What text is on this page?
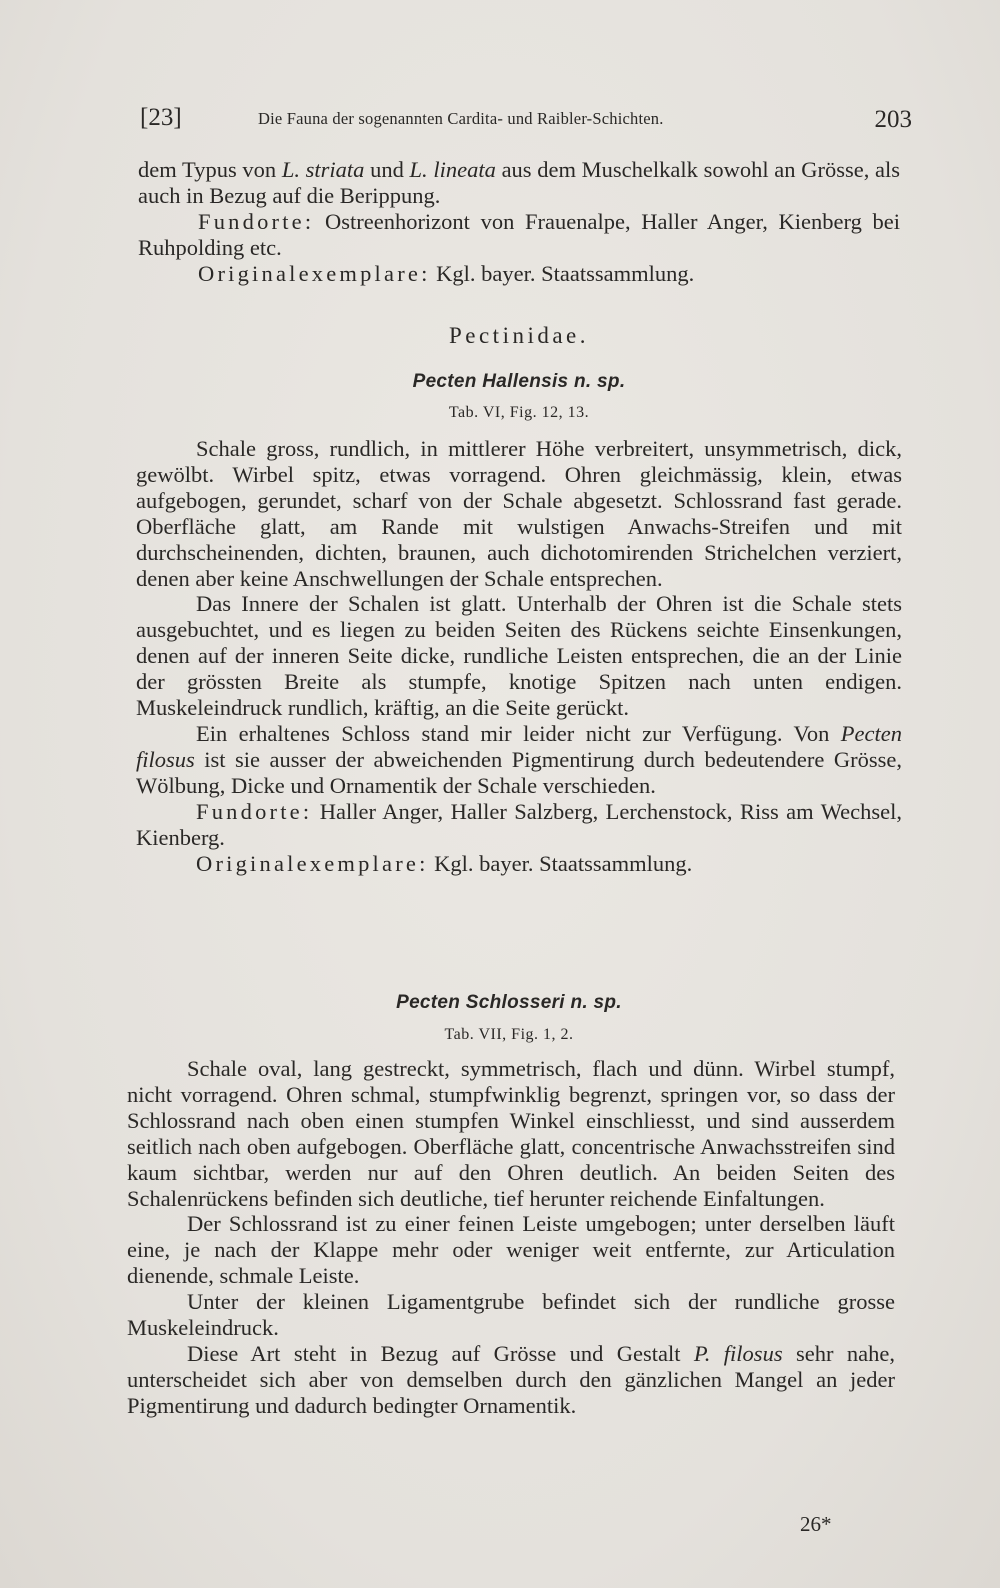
[23]	Die Fauna der sogenannten Cardita- und Raibler-Schichten.	203

dem Typus von L. striata und L. lineata aus dem Muschelkalk sowohl an Grösse, als auch in Bezug auf die Berippung.

Fundorte: Ostreenhorizont von Frauenalpe, Haller Anger, Kienberg bei Ruhpolding etc.

Originalexemplare: Kgl. bayer. Staatssammlung.

Pectinidae.
Pecten Hallensis n. sp.
Tab. VI, Fig. 12, 13.

Schale gross, rundlich, in mittlerer Höhe verbreitert, unsymmetrisch, dick, gewölbt. Wirbel spitz, etwas vorragend. Ohren gleichmässig, klein, etwas aufgebogen, gerundet, scharf von der Schale abgesetzt. Schlossrand fast gerade. Oberfläche glatt, am Rande mit wulstigen Anwachs-Streifen und mit durchscheinenden, dichten, braunen, auch dichotomirenden Strichelchen verziert, denen aber keine Anschwellungen der Schale entsprechen.

Das Innere der Schalen ist glatt. Unterhalb der Ohren ist die Schale stets ausgebuchtet, und es liegen zu beiden Seiten des Rückens seichte Einsenkungen, denen auf der inneren Seite dicke, rundliche Leisten entsprechen, die an der Linie der grössten Breite als stumpfe, knotige Spitzen nach unten endigen. Muskeleindruck rundlich, kräftig, an die Seite gerückt.

Ein erhaltenes Schloss stand mir leider nicht zur Verfügung. Von Pecten filosus ist sie ausser der abweichenden Pigmentirung durch bedeutendere Grösse, Wölbung, Dicke und Ornamentik der Schale verschieden.

Fundorte: Haller Anger, Haller Salzberg, Lerchenstock, Riss am Wechsel, Kienberg.

Originalexemplare: Kgl. bayer. Staatssammlung.

Pecten Schlosseri n. sp.
Tab. VII, Fig. 1, 2.

Schale oval, lang gestreckt, symmetrisch, flach und dünn. Wirbel stumpf, nicht vorragend. Ohren schmal, stumpfwinklig begrenzt, springen vor, so dass der Schlossrand nach oben einen stumpfen Winkel einschliesst, und sind ausserdem seitlich nach oben aufgebogen. Oberfläche glatt, concentrische Anwachsstreifen sind kaum sichtbar, werden nur auf den Ohren deutlich. An beiden Seiten des Schalenrückens befinden sich deutliche, tief herunter reichende Einfaltungen.

Der Schlossrand ist zu einer feinen Leiste umgebogen; unter derselben läuft eine, je nach der Klappe mehr oder weniger weit entfernte, zur Articulation dienende, schmale Leiste.

Unter der kleinen Ligamentgrube befindet sich der rundliche grosse Muskeleindruck.

Diese Art steht in Bezug auf Grösse und Gestalt P. filosus sehr nahe, unterscheidet sich aber von demselben durch den gänzlichen Mangel an jeder Pigmentirung und dadurch bedingter Ornamentik.

26*
